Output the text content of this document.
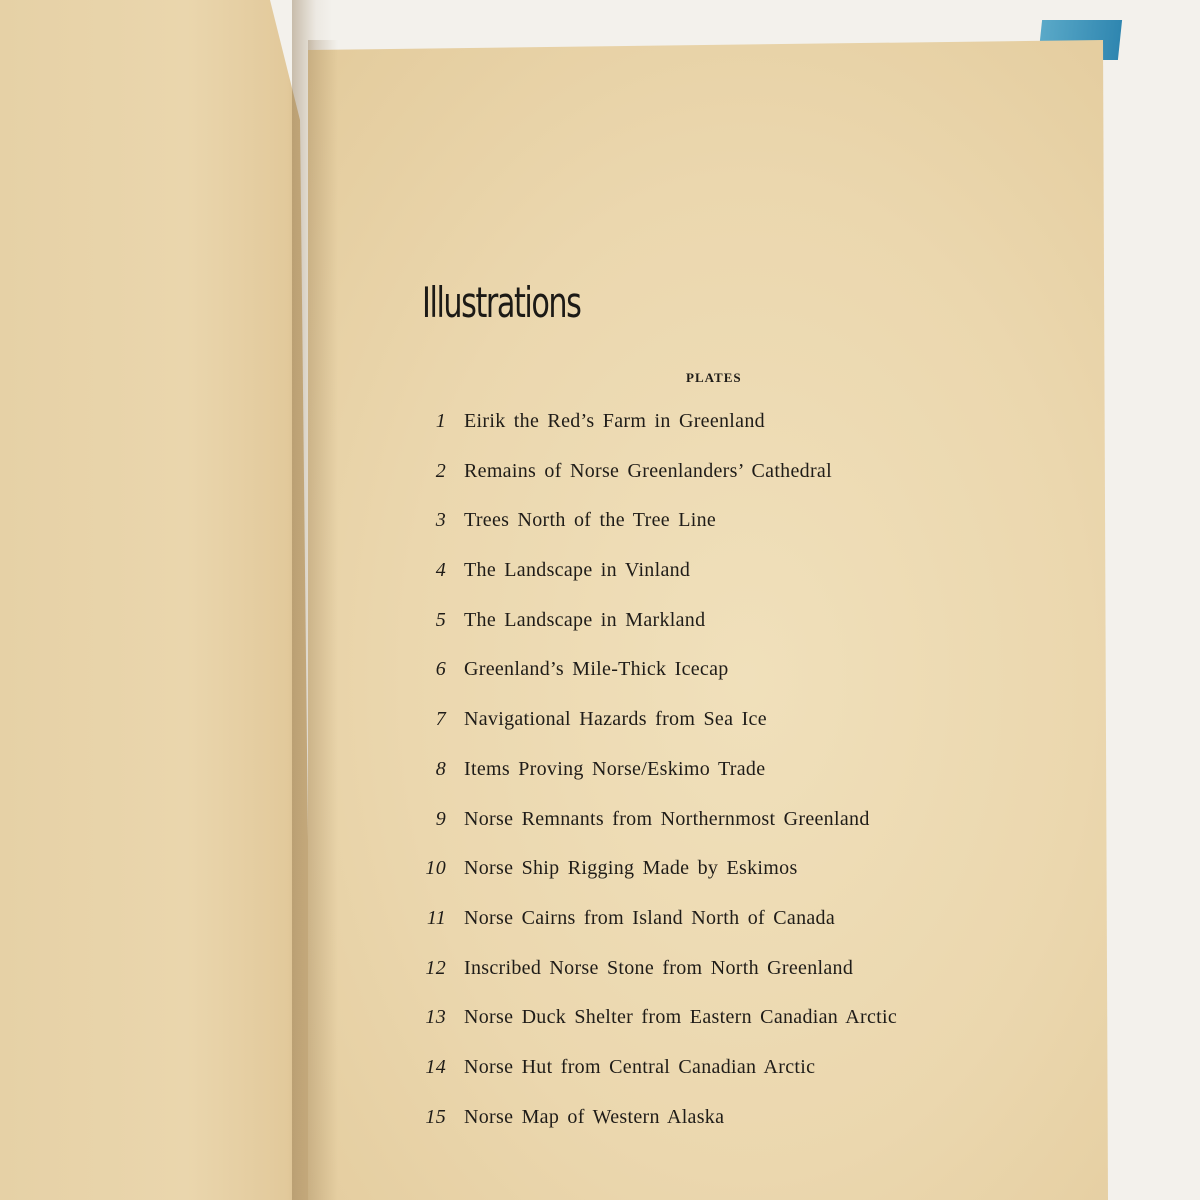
Illustrations
PLATES
1 Eirik the Red’s Farm in Greenland
2 Remains of Norse Greenlanders’ Cathedral
3 Trees North of the Tree Line
4 The Landscape in Vinland
5 The Landscape in Markland
6 Greenland’s Mile-Thick Icecap
7 Navigational Hazards from Sea Ice
8 Items Proving Norse/Eskimo Trade
9 Norse Remnants from Northernmost Greenland
10 Norse Ship Rigging Made by Eskimos
11 Norse Cairns from Island North of Canada
12 Inscribed Norse Stone from North Greenland
13 Norse Duck Shelter from Eastern Canadian Arctic
14 Norse Hut from Central Canadian Arctic
15 Norse Map of Western Alaska
